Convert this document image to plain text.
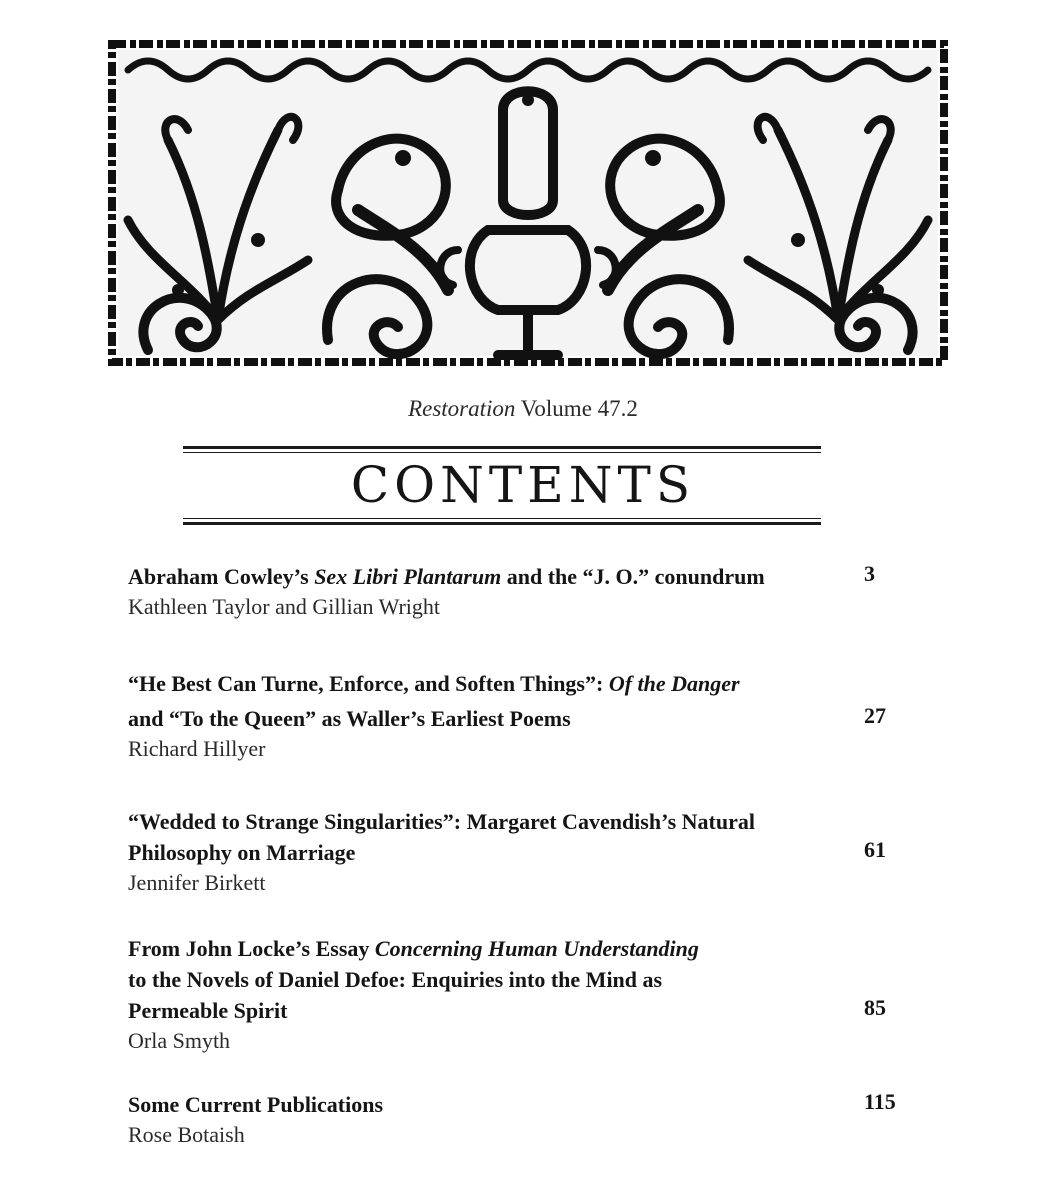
Restoration Volume 47.2
CONTENTS
Abraham Cowley’s Sex Libri Plantarum and the “J. O.” conundrum
Kathleen Taylor and Gillian Wright
3
“He Best Can Turne, Enforce, and Soften Things”: Of the Danger
and “To the Queen” as Waller’s Earliest Poems
Richard Hillyer
27
“Wedded to Strange Singularities”: Margaret Cavendish’s Natural
Philosophy on Marriage
Jennifer Birkett
61
From John Locke’s Essay Concerning Human Understanding
to the Novels of Daniel Defoe: Enquiries into the Mind as
Permeable Spirit
Orla Smyth
85
Some Current Publications
Rose Botaish
115
